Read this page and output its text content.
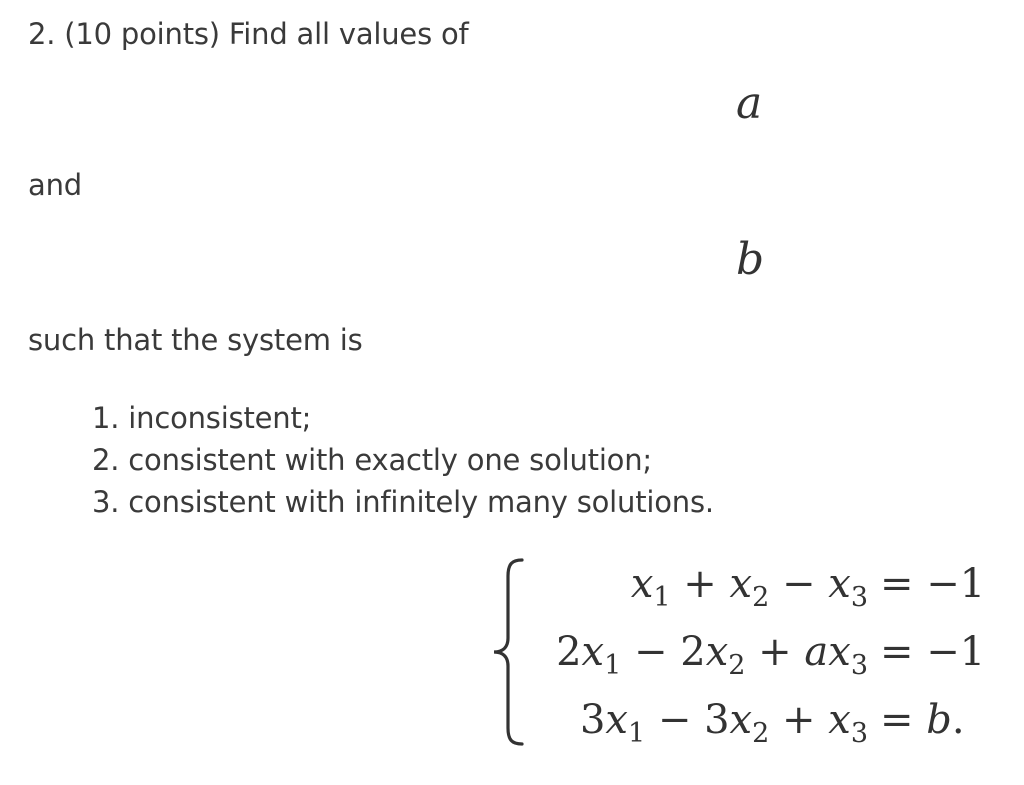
2. (10 points) Find all values of
a
and
b
such that the system is
1. inconsistent;
2. consistent with exactly one solution;
3. consistent with infinitely many solutions.
$x_1 + x_2 - x_3 = -1$
$2x_1 - 2x_2 + ax_3 = -1$
$3x_1 - 3x_2 + x_3 = b$.
